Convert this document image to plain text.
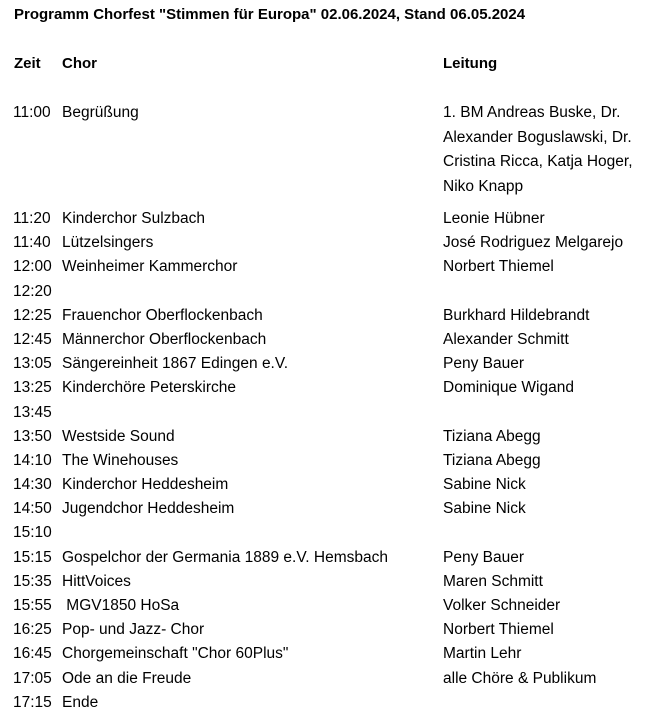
Programm Chorfest "Stimmen für Europa" 02.06.2024, Stand 06.05.2024
Zeit Chor	Leitung
11:00 Begrüßung	1. BM Andreas Buske, Dr. Alexander Boguslawski, Dr. Cristina Ricca, Katja Hoger, Niko Knapp
11:20 Kinderchor Sulzbach	Leonie Hübner
11:40 Lützelsingers	José Rodriguez Melgarejo
12:00 Weinheimer Kammerchor	Norbert Thiemel
12:20
12:25 Frauenchor Oberflockenbach	Burkhard Hildebrandt
12:45 Männerchor Oberflockenbach	Alexander Schmitt
13:05 Sängereinheit 1867 Edingen e.V.	Peny Bauer
13:25 Kinderchöre Peterskirche	Dominique Wigand
13:45
13:50 Westside Sound	Tiziana Abegg
14:10 The Winehouses	Tiziana Abegg
14:30 Kinderchor Heddesheim	Sabine Nick
14:50 Jugendchor Heddesheim	Sabine Nick
15:10
15:15 Gospelchor der Germania 1889 e.V. Hemsbach	Peny Bauer
15:35 HittVoices	Maren Schmitt
15:55 MGV1850 HoSa	Volker Schneider
16:25 Pop- und Jazz- Chor	Norbert Thiemel
16:45 Chorgemeinschaft "Chor 60Plus"	Martin Lehr
17:05 Ode an die Freude	alle Chöre & Publikum
17:15 Ende
